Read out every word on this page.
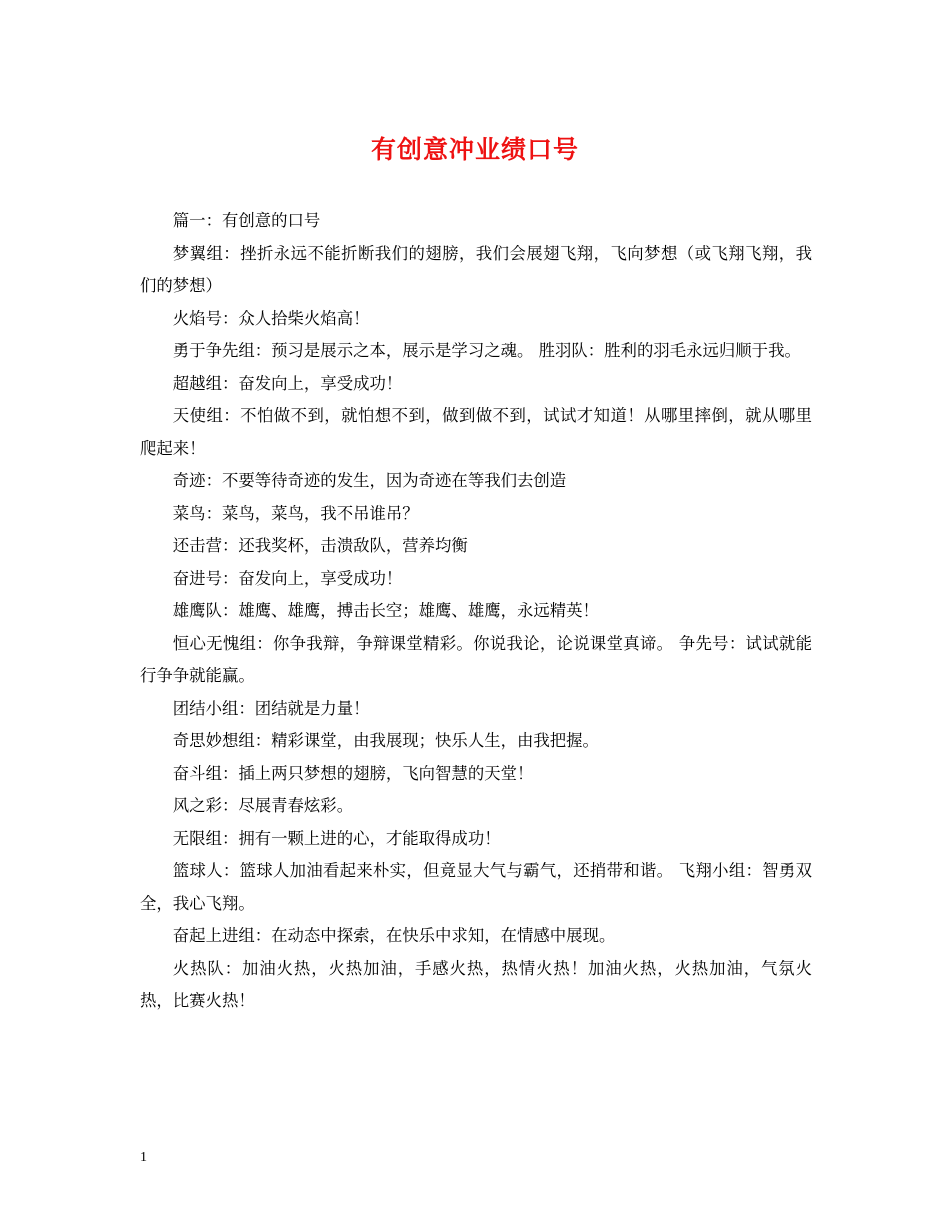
有创意冲业绩口号

篇一：有创意的口号

梦翼组：挫折永远不能折断我们的翅膀，我们会展翅飞翔，飞向梦想（或飞翔飞翔，我们的梦想）

火焰号：众人拾柴火焰高！

勇于争先组：预习是展示之本，展示是学习之魂。 胜羽队：胜利的羽毛永远归顺于我。

超越组：奋发向上，享受成功！

天使组：不怕做不到，就怕想不到，做到做不到，试试才知道！从哪里摔倒，就从哪里爬起来！

奇迹：不要等待奇迹的发生，因为奇迹在等我们去创造

菜鸟：菜鸟，菜鸟，我不吊谁吊？

还击营：还我奖杯，击溃敌队，营养均衡

奋进号：奋发向上，享受成功！

雄鹰队：雄鹰、雄鹰，搏击长空；雄鹰、雄鹰，永远精英！

恒心无愧组：你争我辩，争辩课堂精彩。你说我论，论说课堂真谛。 争先号：试试就能行争争就能赢。

团结小组：团结就是力量！

奇思妙想组：精彩课堂，由我展现；快乐人生，由我把握。

奋斗组：插上两只梦想的翅膀，飞向智慧的天堂！

风之彩：尽展青春炫彩。

无限组：拥有一颗上进的心，才能取得成功！

篮球人：篮球人加油看起来朴实，但竟显大气与霸气，还捎带和谐。 飞翔小组：智勇双全，我心飞翔。

奋起上进组：在动态中探索，在快乐中求知，在情感中展现。

火热队：加油火热，火热加油，手感火热，热情火热！加油火热，火热加油，气氛火热，比赛火热！

1
